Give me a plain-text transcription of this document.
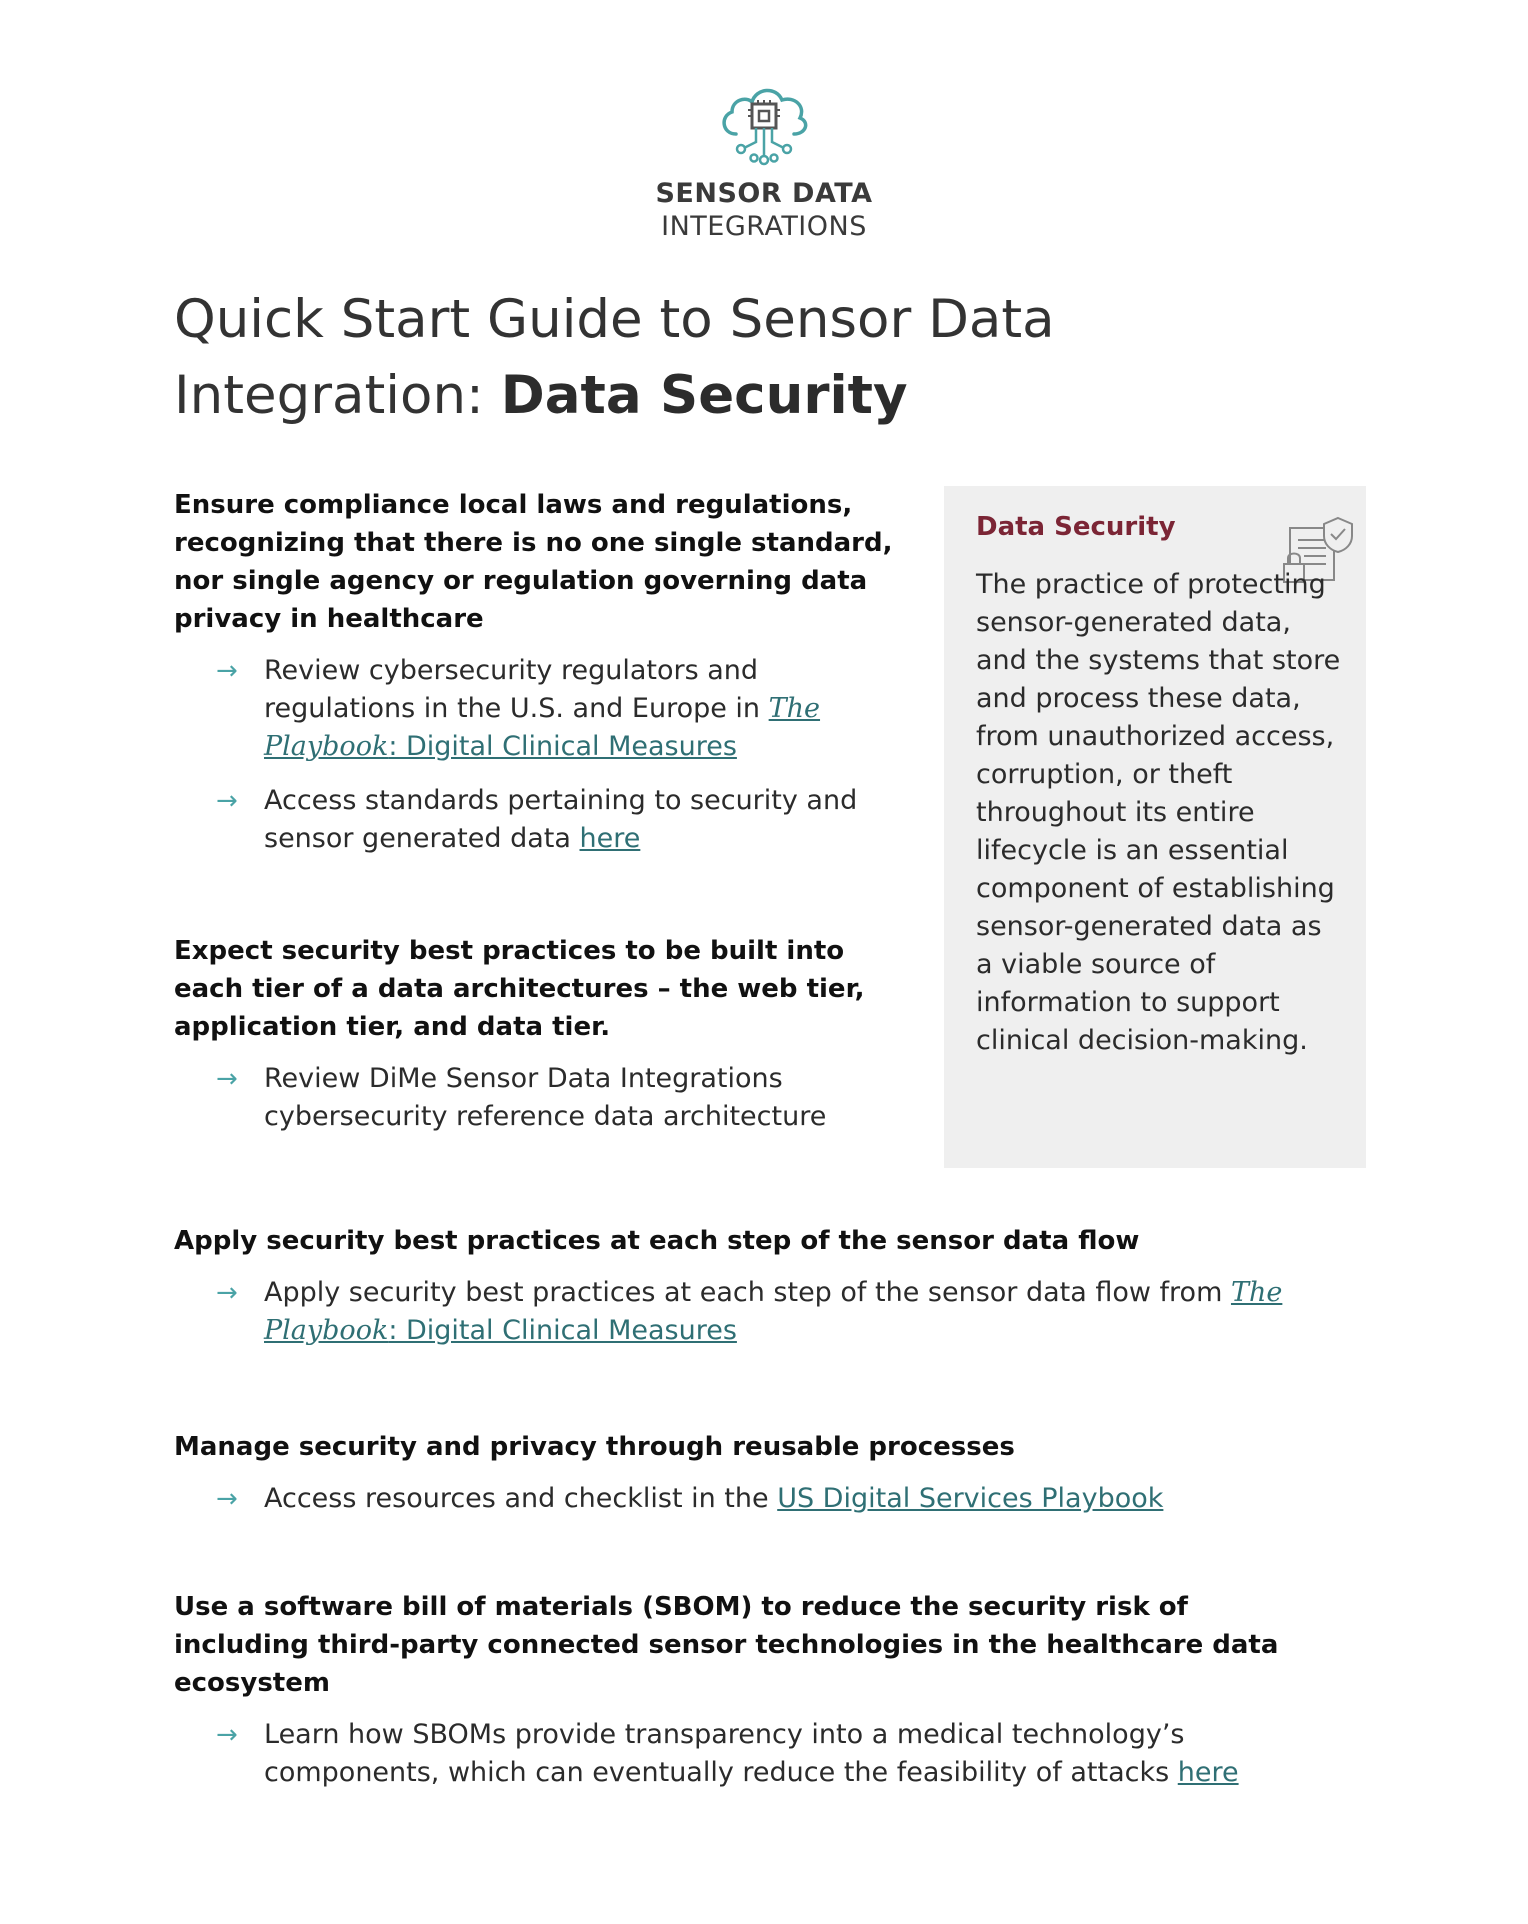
SENSOR DATA
INTEGRATIONS
Quick Start Guide to Sensor Data Integration: Data Security
Ensure compliance local laws and regulations, recognizing that there is no one single standard, nor single agency or regulation governing data privacy in healthcare
→ Review cybersecurity regulators and regulations in the U.S. and Europe in The Playbook: Digital Clinical Measures
→ Access standards pertaining to security and sensor generated data here
Data Security

The practice of protecting sensor-generated data, and the systems that store and process these data, from unauthorized access, corruption, or theft throughout its entire lifecycle is an essential component of establishing sensor-generated data as a viable source of information to support clinical decision-making.

Expect security best practices to be built into each tier of a data architectures – the web tier, application tier, and data tier.
→ Review DiMe Sensor Data Integrations cybersecurity reference data architecture
Apply security best practices at each step of the sensor data flow
→ Apply security best practices at each step of the sensor data flow from The Playbook: Digital Clinical Measures
Manage security and privacy through reusable processes
→ Access resources and checklist in the US Digital Services Playbook
Use a software bill of materials (SBOM) to reduce the security risk of including third-party connected sensor technologies in the healthcare data ecosystem
→ Learn how SBOMs provide transparency into a medical technology’s components, which can eventually reduce the feasibility of attacks here
